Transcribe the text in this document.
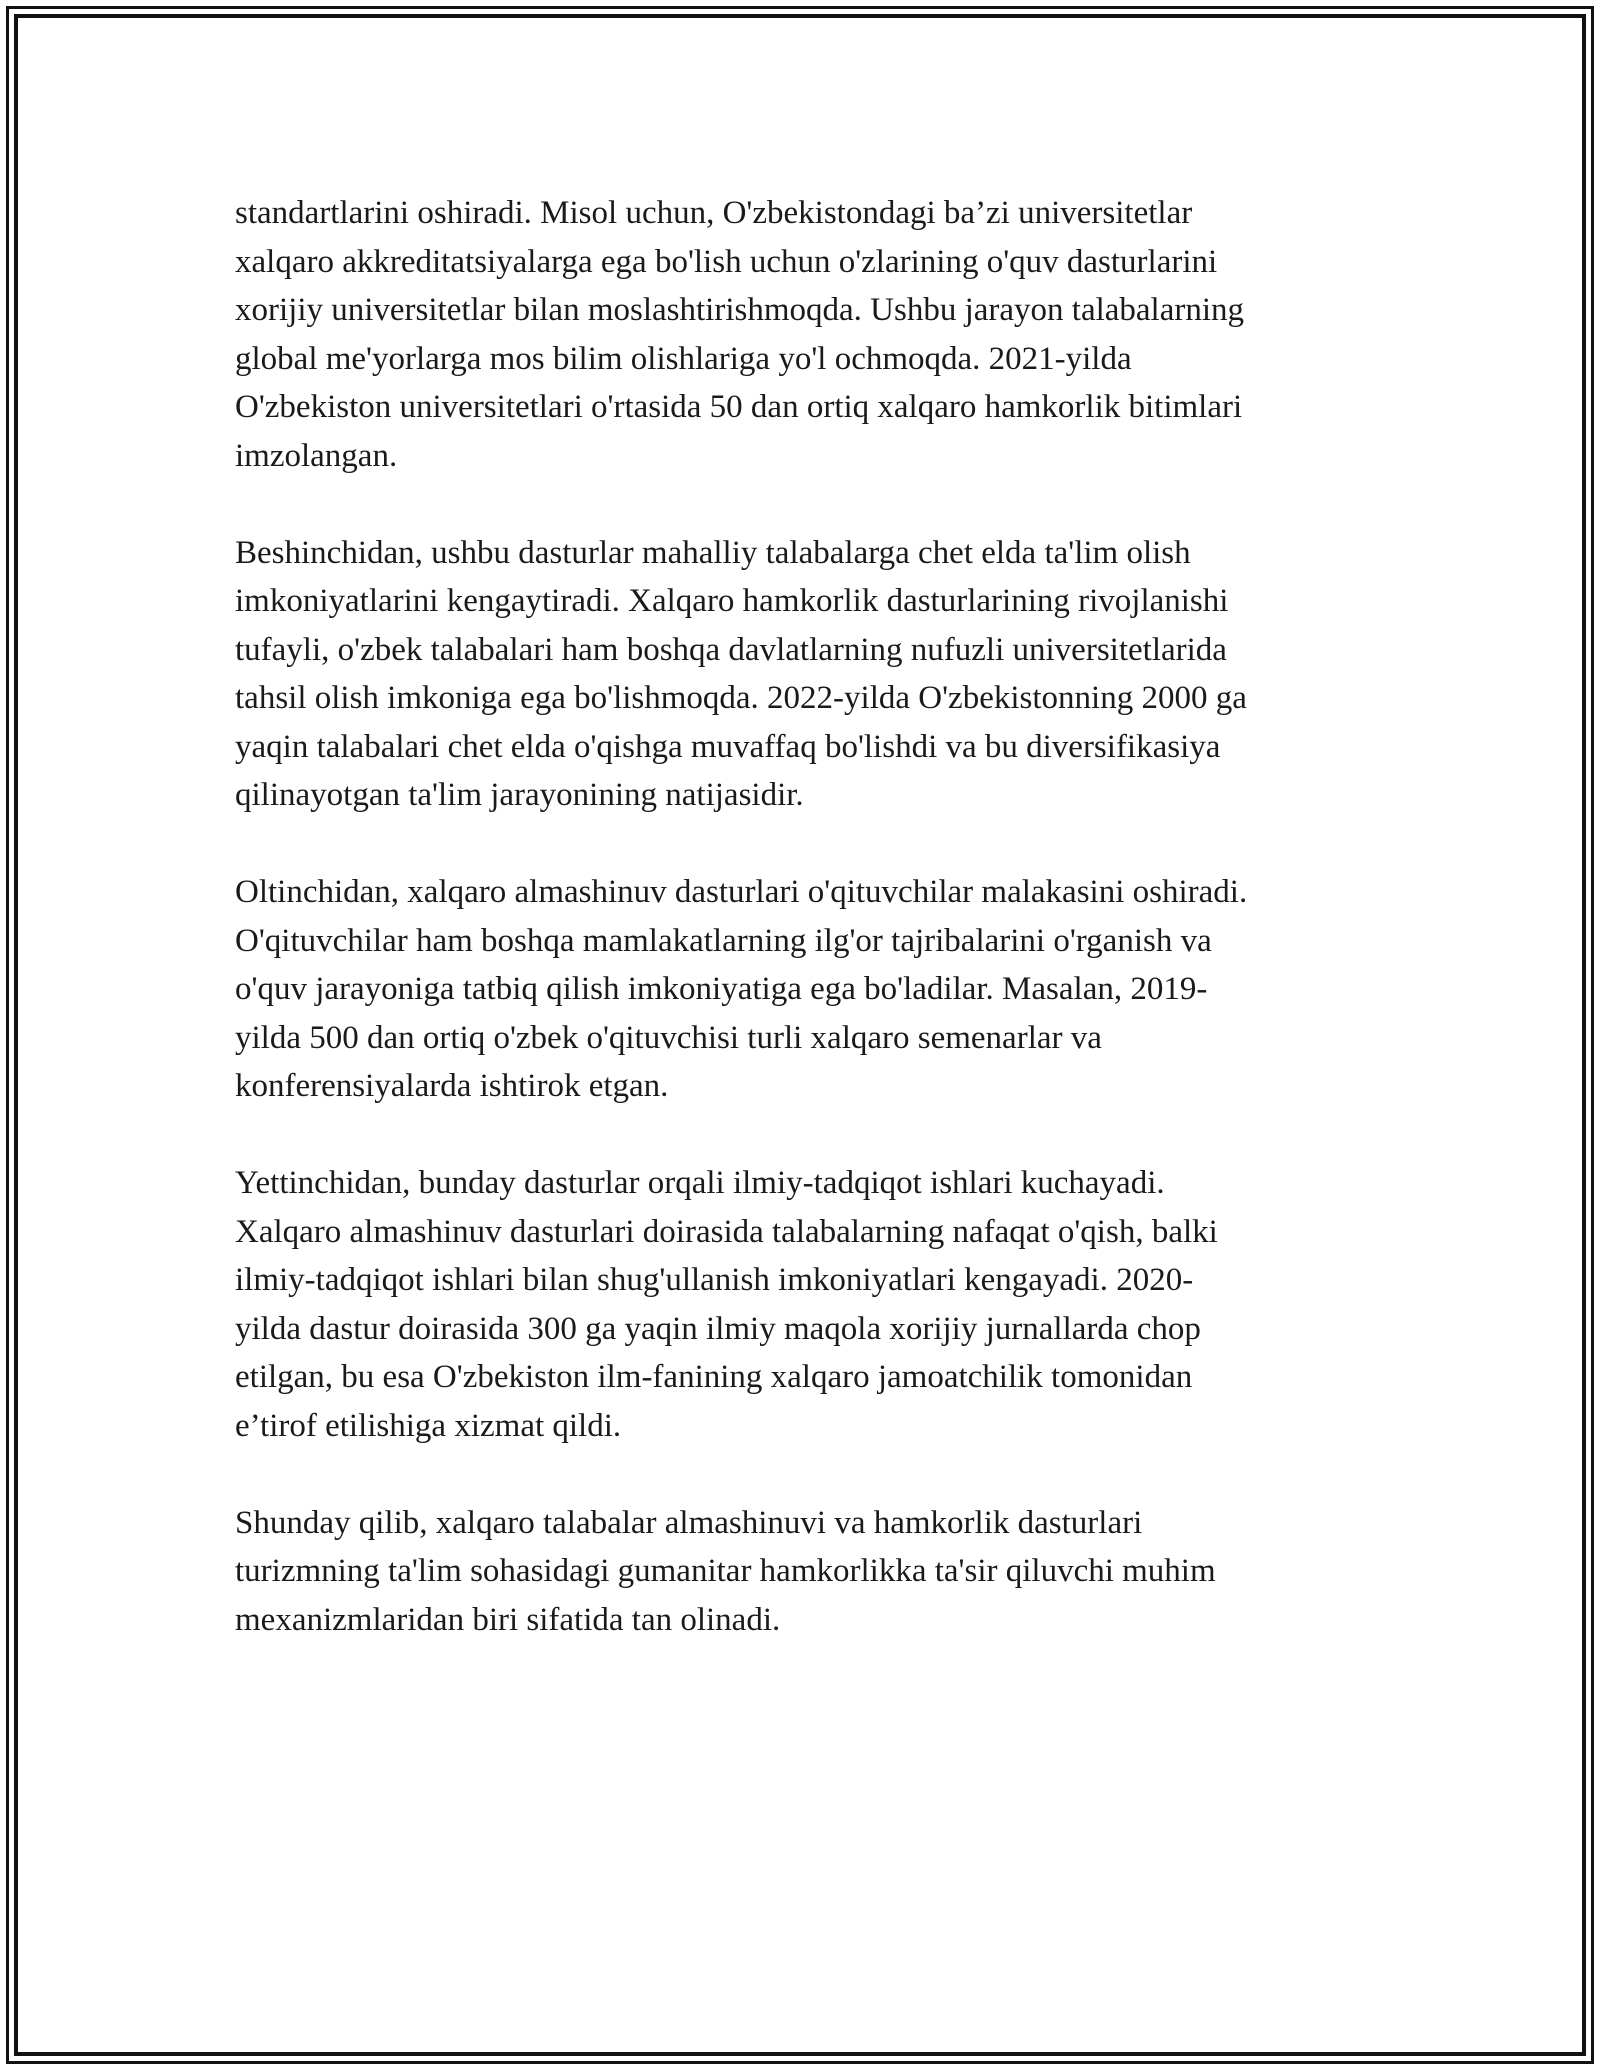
standartlarini oshiradi. Misol uchun, O'zbekistondagi ba’zi universitetlar
xalqaro akkreditatsiyalarga ega bo'lish uchun o'zlarining o'quv dasturlarini
xorijiy universitetlar bilan moslashtirishmoqda. Ushbu jarayon talabalarning
global me'yorlarga mos bilim olishlariga yo'l ochmoqda. 2021-yilda
O'zbekiston universitetlari o'rtasida 50 dan ortiq xalqaro hamkorlik bitimlari
imzolangan.

Beshinchidan, ushbu dasturlar mahalliy talabalarga chet elda ta'lim olish
imkoniyatlarini kengaytiradi. Xalqaro hamkorlik dasturlarining rivojlanishi
tufayli, o'zbek talabalari ham boshqa davlatlarning nufuzli universitetlarida
tahsil olish imkoniga ega bo'lishmoqda. 2022-yilda O'zbekistonning 2000 ga
yaqin talabalari chet elda o'qishga muvaffaq bo'lishdi va bu diversifikasiya
qilinayotgan ta'lim jarayonining natijasidir.

Oltinchidan, xalqaro almashinuv dasturlari o'qituvchilar malakasini oshiradi.
O'qituvchilar ham boshqa mamlakatlarning ilg'or tajribalarini o'rganish va
o'quv jarayoniga tatbiq qilish imkoniyatiga ega bo'ladilar. Masalan, 2019-
yilda 500 dan ortiq o'zbek o'qituvchisi turli xalqaro semenarlar va
konferensiyalarda ishtirok etgan.

Yettinchidan, bunday dasturlar orqali ilmiy-tadqiqot ishlari kuchayadi.
Xalqaro almashinuv dasturlari doirasida talabalarning nafaqat o'qish, balki
ilmiy-tadqiqot ishlari bilan shug'ullanish imkoniyatlari kengayadi. 2020-
yilda dastur doirasida 300 ga yaqin ilmiy maqola xorijiy jurnallarda chop
etilgan, bu esa O'zbekiston ilm-fanining xalqaro jamoatchilik tomonidan
e’tirof etilishiga xizmat qildi.

Shunday qilib, xalqaro talabalar almashinuvi va hamkorlik dasturlari
turizmning ta'lim sohasidagi gumanitar hamkorlikka ta'sir qiluvchi muhim
mexanizmlaridan biri sifatida tan olinadi.
